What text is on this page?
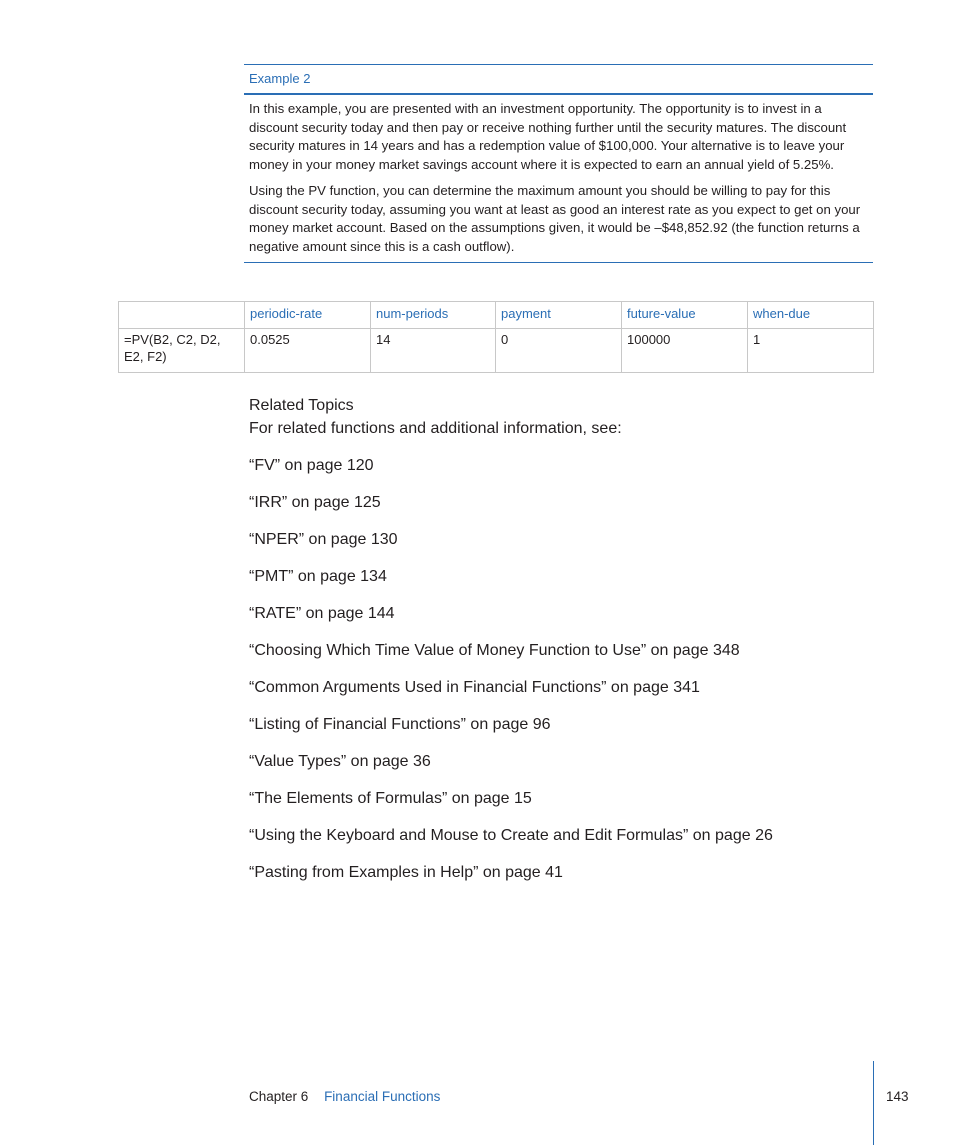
Example 2

In this example, you are presented with an investment opportunity. The opportunity is to invest in a discount security today and then pay or receive nothing further until the security matures. The discount security matures in 14 years and has a redemption value of $100,000. Your alternative is to leave your money in your money market savings account where it is expected to earn an annual yield of 5.25%.

Using the PV function, you can determine the maximum amount you should be willing to pay for this discount security today, assuming you want at least as good an interest rate as you expect to get on your money market account. Based on the assumptions given, it would be –$48,852.92 (the function returns a negative amount since this is a cash outflow).

	periodic-rate	num-periods	payment	future-value	when-due
=PV(B2, C2, D2, E2, F2)	0.0525	14	0	100000	1
Related Topics

For related functions and additional information, see:

“FV” on page 120
“IRR” on page 125
“NPER” on page 130
“PMT” on page 134
“RATE” on page 144
“Choosing Which Time Value of Money Function to Use” on page 348
“Common Arguments Used in Financial Functions” on page 341
“Listing of Financial Functions” on page 96
“Value Types” on page 36
“The Elements of Formulas” on page 15
“Using the Keyboard and Mouse to Create and Edit Formulas” on page 26
“Pasting from Examples in Help” on page 41
Chapter 6 Financial Functions	143
